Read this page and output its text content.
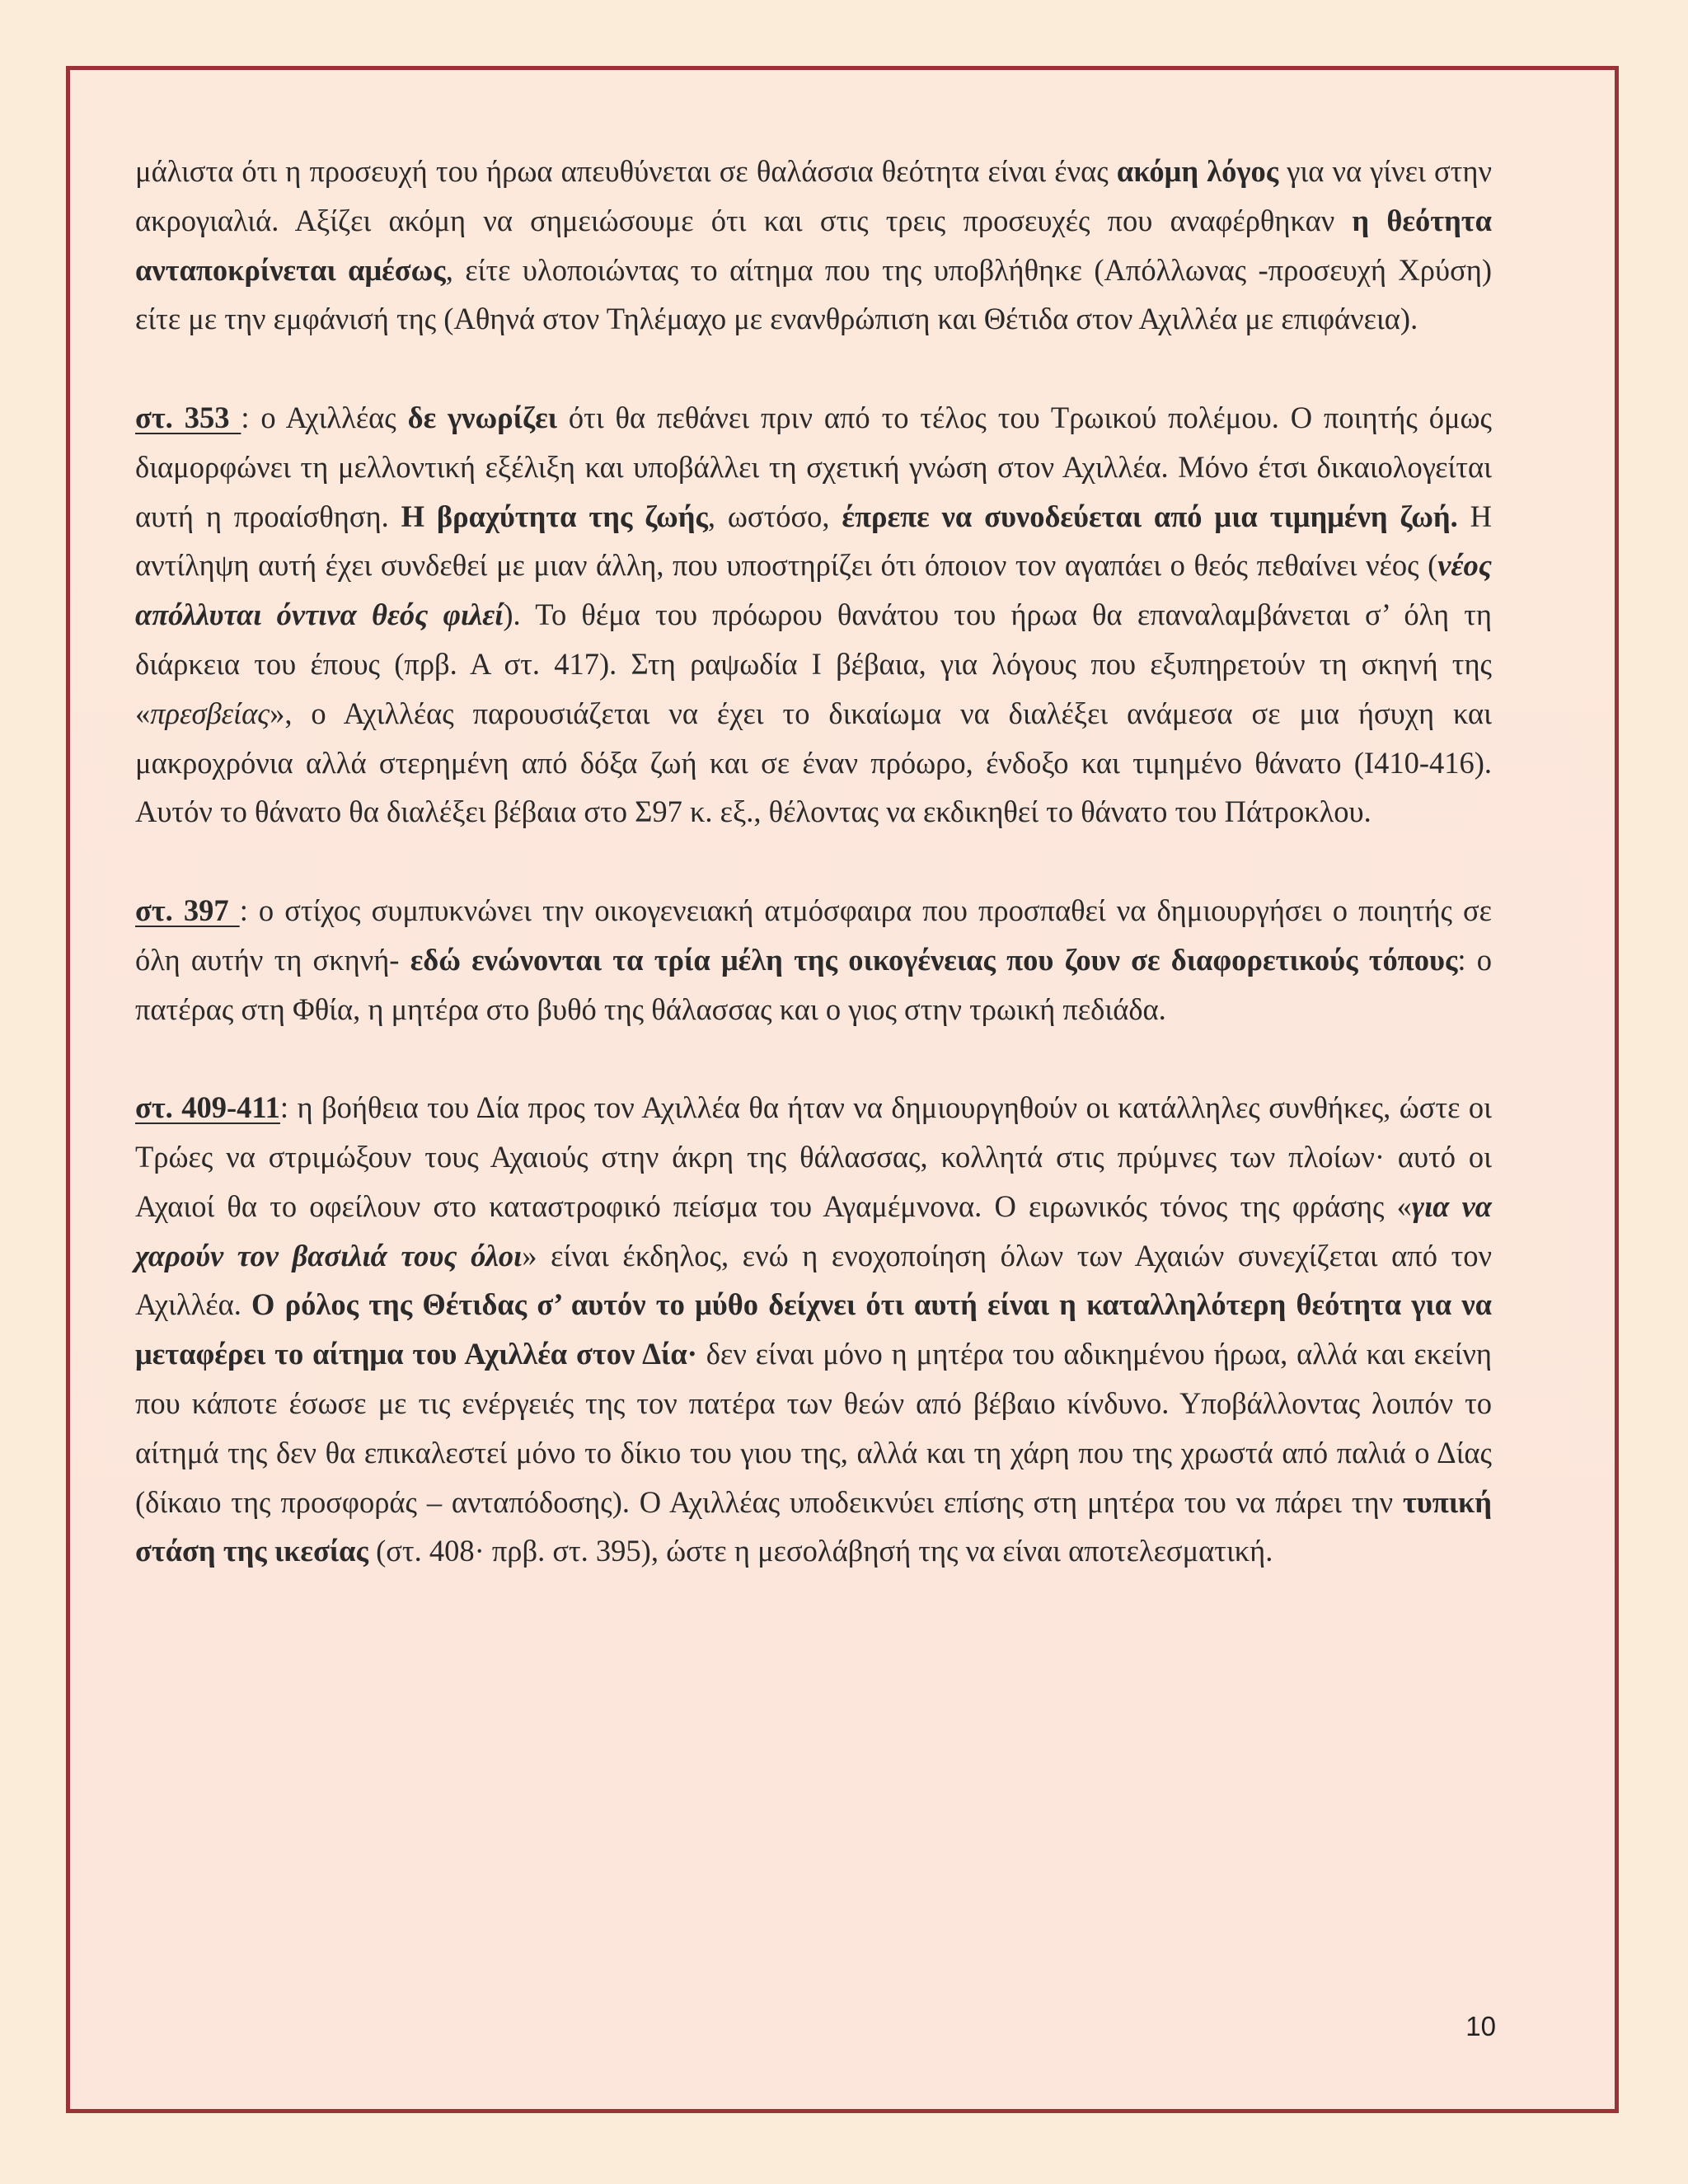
μάλιστα ότι η προσευχή του ήρωα απευθύνεται σε θαλάσσια θεότητα είναι ένας ακόμη λόγος για να γίνει στην ακρογιαλιά. Αξίζει ακόμη να σημειώσουμε ότι και στις τρεις προσευχές που αναφέρθηκαν η θεότητα ανταποκρίνεται αμέσως, είτε υλοποιώντας το αίτημα που της υποβλήθηκε (Απόλλωνας -προσευχή Χρύση) είτε με την εμφάνισή της (Αθηνά στον Τηλέμαχο με ενανθρώπιση και Θέτιδα στον Αχιλλέα με επιφάνεια).

στ. 353 : ο Αχιλλέας δε γνωρίζει ότι θα πεθάνει πριν από το τέλος του Τρωικού πολέμου. Ο ποιητής όμως διαμορφώνει τη μελλοντική εξέλιξη και υποβάλλει τη σχετική γνώση στον Αχιλλέα. Μόνο έτσι δικαιολογείται αυτή η προαίσθηση. Η βραχύτητα της ζωής, ωστόσο, έπρεπε να συνοδεύεται από μια τιμημένη ζωή. Η αντίληψη αυτή έχει συνδεθεί με μιαν άλλη, που υποστηρίζει ότι όποιον τον αγαπάει ο θεός πεθαίνει νέος (νέος απόλλυται όντινα θεός φιλεί). Το θέμα του πρόωρου θανάτου του ήρωα θα επαναλαμβάνεται σ’ όλη τη διάρκεια του έπους (πρβ. Α στ. 417). Στη ραψωδία Ι βέβαια, για λόγους που εξυπηρετούν τη σκηνή της «πρεσβείας», ο Αχιλλέας παρουσιάζεται να έχει το δικαίωμα να διαλέξει ανάμεσα σε μια ήσυχη και μακροχρόνια αλλά στερημένη από δόξα ζωή και σε έναν πρόωρο, ένδοξο και τιμημένο θάνατο (Ι410-416). Αυτόν το θάνατο θα διαλέξει βέβαια στο Σ97 κ. εξ., θέλοντας να εκδικηθεί το θάνατο του Πάτροκλου.

στ. 397 : ο στίχος συμπυκνώνει την οικογενειακή ατμόσφαιρα που προσπαθεί να δημιουργήσει ο ποιητής σε όλη αυτήν τη σκηνή- εδώ ενώνονται τα τρία μέλη της οικογένειας που ζουν σε διαφορετικούς τόπους: ο πατέρας στη Φθία, η μητέρα στο βυθό της θάλασσας και ο γιος στην τρωική πεδιάδα.

στ. 409-411: η βοήθεια του Δία προς τον Αχιλλέα θα ήταν να δημιουργηθούν οι κατάλληλες συνθήκες, ώστε οι Τρώες να στριμώξουν τους Αχαιούς στην άκρη της θάλασσας, κολλητά στις πρύμνες των πλοίων· αυτό οι Αχαιοί θα το οφείλουν στο καταστροφικό πείσμα του Αγαμέμνονα. Ο ειρωνικός τόνος της φράσης «για να χαρούν τον βασιλιά τους όλοι» είναι έκδηλος, ενώ η ενοχοποίηση όλων των Αχαιών συνεχίζεται από τον Αχιλλέα. Ο ρόλος της Θέτιδας σ’ αυτόν το μύθο δείχνει ότι αυτή είναι η καταλληλότερη θεότητα για να μεταφέρει το αίτημα του Αχιλλέα στον Δία· δεν είναι μόνο η μητέρα του αδικημένου ήρωα, αλλά και εκείνη που κάποτε έσωσε με τις ενέργειές της τον πατέρα των θεών από βέβαιο κίνδυνο. Υποβάλλοντας λοιπόν το αίτημά της δεν θα επικαλεστεί μόνο το δίκιο του γιου της, αλλά και τη χάρη που της χρωστά από παλιά ο Δίας (δίκαιο της προσφοράς – ανταπόδοσης). Ο Αχιλλέας υποδεικνύει επίσης στη μητέρα του να πάρει την τυπική στάση της ικεσίας (στ. 408· πρβ. στ. 395), ώστε η μεσολάβησή της να είναι αποτελεσματική.

10
